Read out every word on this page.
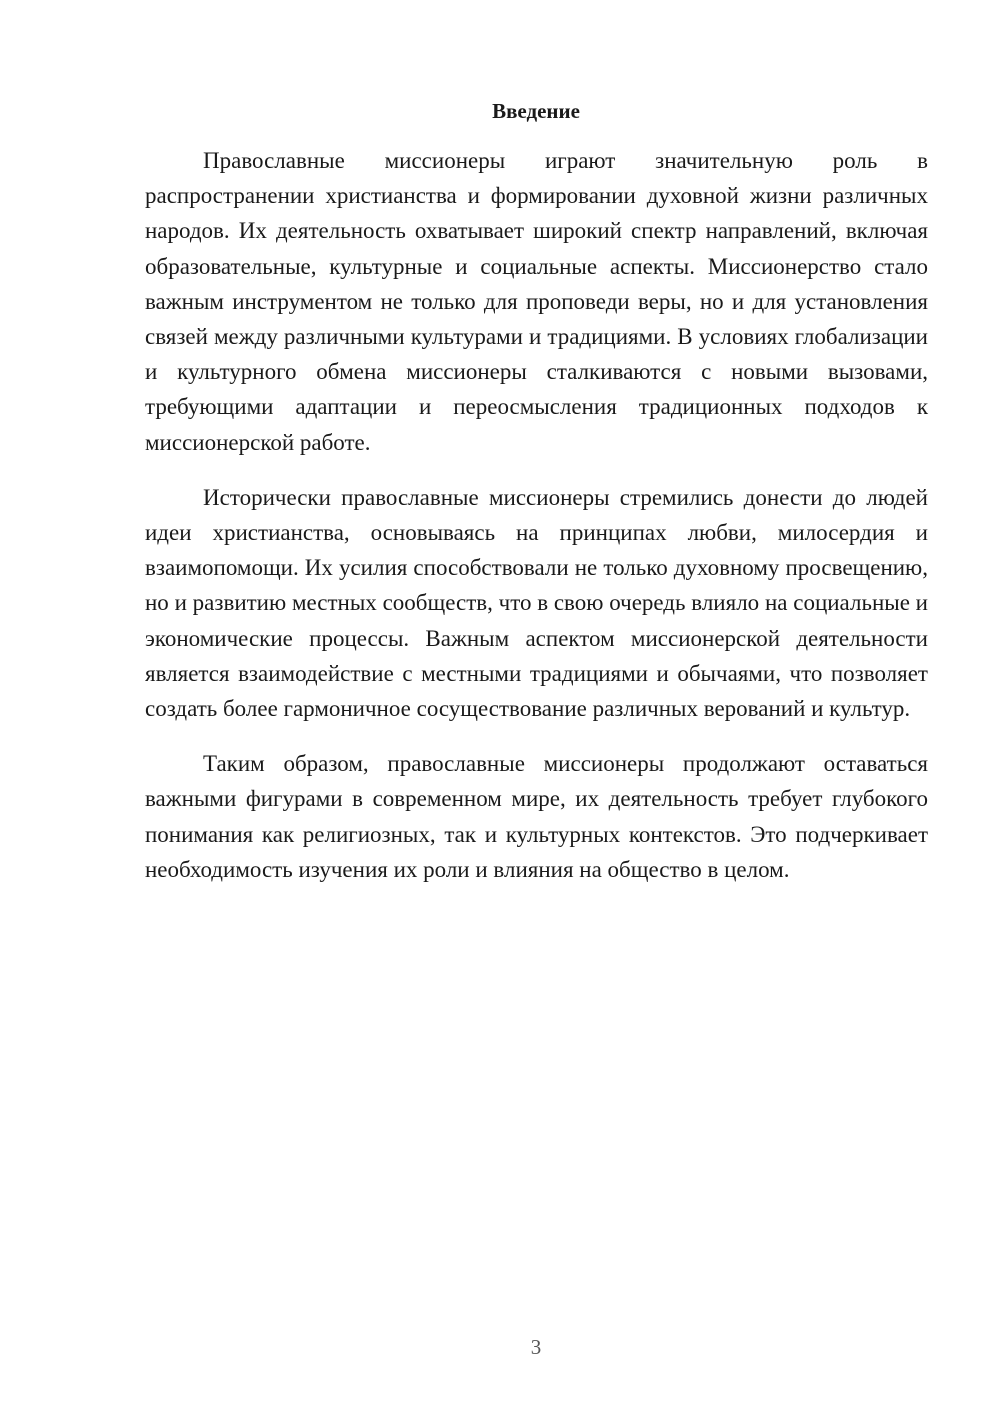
Введение

Православные миссионеры играют значительную роль в распространении христианства и формировании духовной жизни различных народов. Их деятельность охватывает широкий спектр направлений, включая образовательные, культурные и социальные аспекты. Миссионерство стало важным инструментом не только для проповеди веры, но и для установления связей между различными культурами и традициями. В условиях глобализации и культурного обмена миссионеры сталкиваются с новыми вызовами, требующими адаптации и переосмысления традиционных подходов к миссионерской работе.

Исторически православные миссионеры стремились донести до людей идеи христианства, основываясь на принципах любви, милосердия и взаимопомощи. Их усилия способствовали не только духовному просвещению, но и развитию местных сообществ, что в свою очередь влияло на социальные и экономические процессы. Важным аспектом миссионерской деятельности является взаимодействие с местными традициями и обычаями, что позволяет создать более гармоничное сосуществование различных верований и культур.

Таким образом, православные миссионеры продолжают оставаться важными фигурами в современном мире, их деятельность требует глубокого понимания как религиозных, так и культурных контекстов. Это подчеркивает необходимость изучения их роли и влияния на общество в целом.

3
